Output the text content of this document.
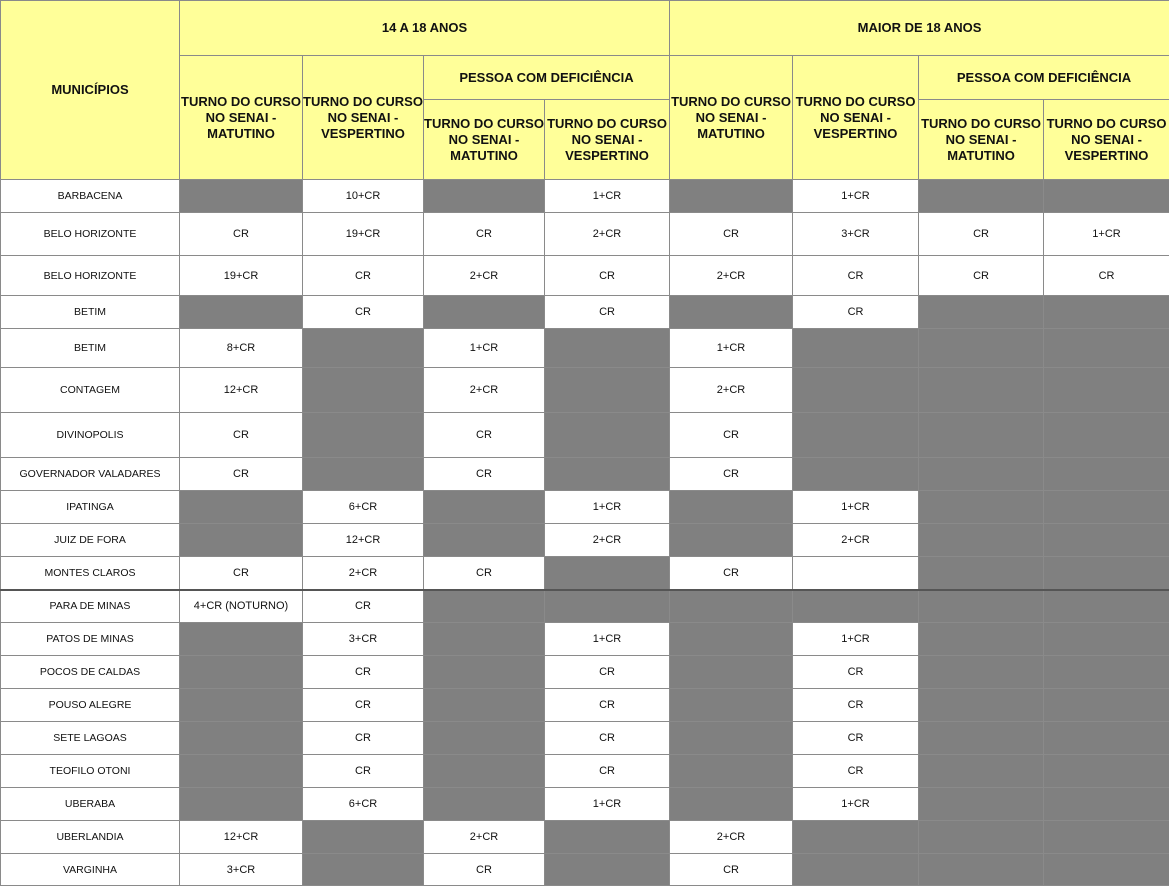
MUNICÍPIOS	14 A 18 ANOS				MAIOR DE 18 ANOS			
	TURNO DO CURSO NO SENAI - MATUTINO	TURNO DO CURSO NO SENAI - VESPERTINO	PESSOA COM DEFICIÊNCIA		TURNO DO CURSO NO SENAI - MATUTINO	TURNO DO CURSO NO SENAI - VESPERTINO	PESSOA COM DEFICIÊNCIA	
			TURNO DO CURSO NO SENAI - MATUTINO	TURNO DO CURSO NO SENAI - VESPERTINO			TURNO DO CURSO NO SENAI - MATUTINO	TURNO DO CURSO NO SENAI - VESPERTINO
BARBACENA		10+CR		1+CR		1+CR		
BELO HORIZONTE	CR	19+CR	CR	2+CR	CR	3+CR	CR	1+CR
BELO HORIZONTE	19+CR	CR	2+CR	CR	2+CR	CR	CR	CR
BETIM		CR		CR		CR		
BETIM	8+CR		1+CR		1+CR			
CONTAGEM	12+CR		2+CR		2+CR			
DIVINOPOLIS	CR		CR		CR			
GOVERNADOR VALADARES	CR		CR		CR			
IPATINGA		6+CR		1+CR		1+CR		
JUIZ DE FORA		12+CR		2+CR		2+CR		
MONTES CLAROS	CR	2+CR	CR		CR			
PARA DE MINAS	4+CR (NOTURNO)	CR						
PATOS DE MINAS		3+CR		1+CR		1+CR		
POCOS DE CALDAS		CR		CR		CR		
POUSO ALEGRE		CR		CR		CR		
SETE LAGOAS		CR		CR		CR		
TEOFILO OTONI		CR		CR		CR		
UBERABA		6+CR		1+CR		1+CR		
UBERLANDIA	12+CR		2+CR		2+CR			
VARGINHA	3+CR		CR		CR			
